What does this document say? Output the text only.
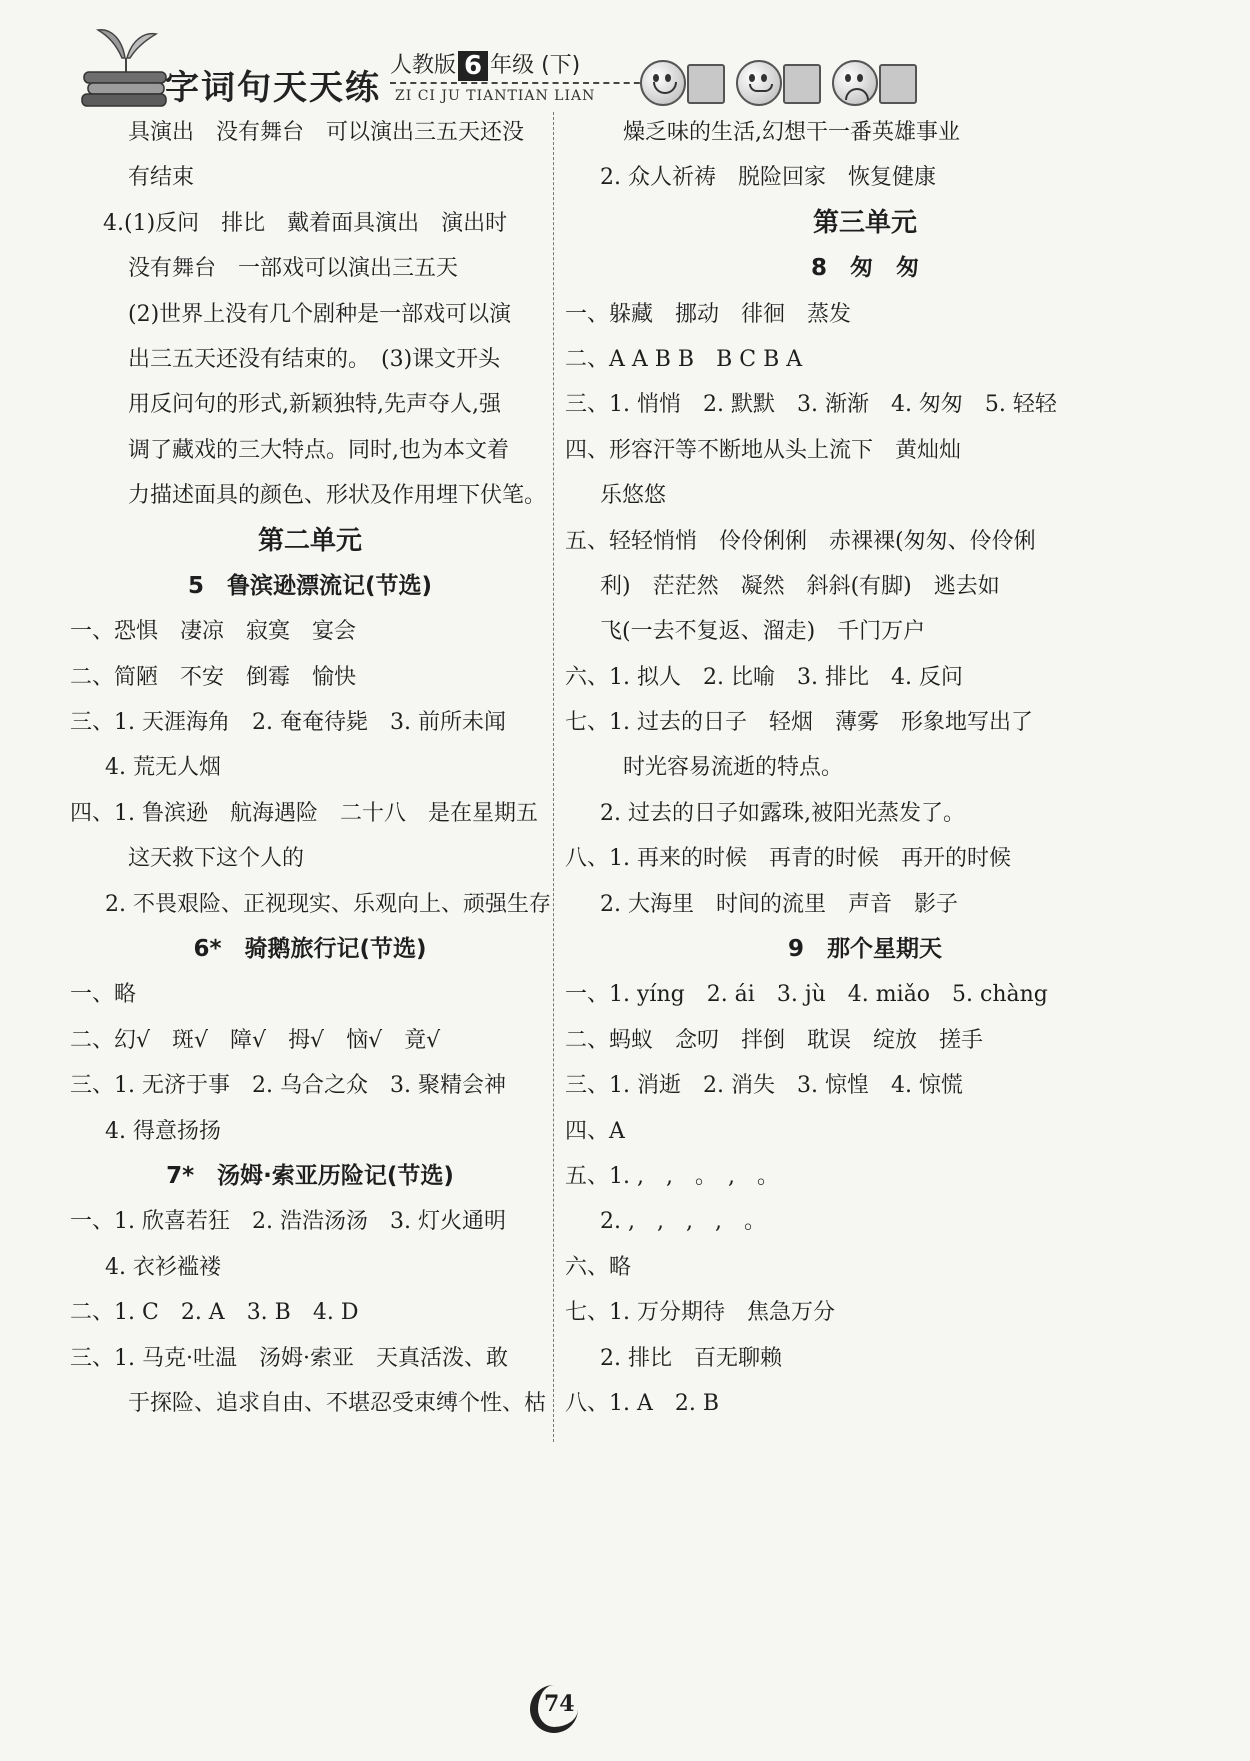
字词句天天练
人教版 6 年级 (下)
ZI CI JU TIANTIAN LIAN
具演出　没有舞台　可以演出三五天还没
有结束
4.(1)反问　排比　戴着面具演出　演出时
没有舞台　一部戏可以演出三五天
(2)世界上没有几个剧种是一部戏可以演
出三五天还没有结束的。　(3)课文开头
用反问句的形式,新颖独特,先声夺人,强
调了藏戏的三大特点。同时,也为本文着
力描述面具的颜色、形状及作用埋下伏笔。
第二单元
5　鲁滨逊漂流记(节选)
一、恐惧　凄凉　寂寞　宴会
二、简陋　不安　倒霉　愉快
三、1. 天涯海角　2. 奄奄待毙　3. 前所未闻
4. 荒无人烟
四、1. 鲁滨逊　航海遇险　二十八　是在星期五
这天救下这个人的
2. 不畏艰险、正视现实、乐观向上、顽强生存
6*　骑鹅旅行记(节选)
一、略
二、幻√　斑√　障√　拇√　恼√　竟√
三、1. 无济于事　2. 乌合之众　3. 聚精会神
4. 得意扬扬
7*　汤姆·索亚历险记(节选)
一、1. 欣喜若狂　2. 浩浩汤汤　3. 灯火通明
4. 衣衫褴褛
二、1. C　2. A　3. B　4. D
三、1. 马克·吐温　汤姆·索亚　天真活泼、敢
于探险、追求自由、不堪忍受束缚个性、枯
燥乏味的生活,幻想干一番英雄事业
2. 众人祈祷　脱险回家　恢复健康
第三单元
8　匆　匆
一、躲藏　挪动　徘徊　蒸发
二、A A B B　B C B A
三、1. 悄悄　2. 默默　3. 渐渐　4. 匆匆　5. 轻轻
四、形容汗等不断地从头上流下　黄灿灿
乐悠悠
五、轻轻悄悄　伶伶俐俐　赤裸裸(匆匆、伶伶俐
利)　茫茫然　凝然　斜斜(有脚)　逃去如
飞(一去不复返、溜走)　千门万户
六、1. 拟人　2. 比喻　3. 排比　4. 反问
七、1. 过去的日子　轻烟　薄雾　形象地写出了
时光容易流逝的特点。
2. 过去的日子如露珠,被阳光蒸发了。
八、1. 再来的时候　再青的时候　再开的时候
2. 大海里　时间的流里　声音　影子
9　那个星期天
一、1. yíng　2. ái　3. jù　4. miǎo　5. chàng
二、蚂蚁　念叨　拌倒　耽误　绽放　搓手
三、1. 消逝　2. 消失　3. 惊惶　4. 惊慌
四、A
五、1. ,　,　。　,　。
2. ,　,　,　,　。
六、略
七、1. 万分期待　焦急万分
2. 排比　百无聊赖
八、1. A　2. B
74
